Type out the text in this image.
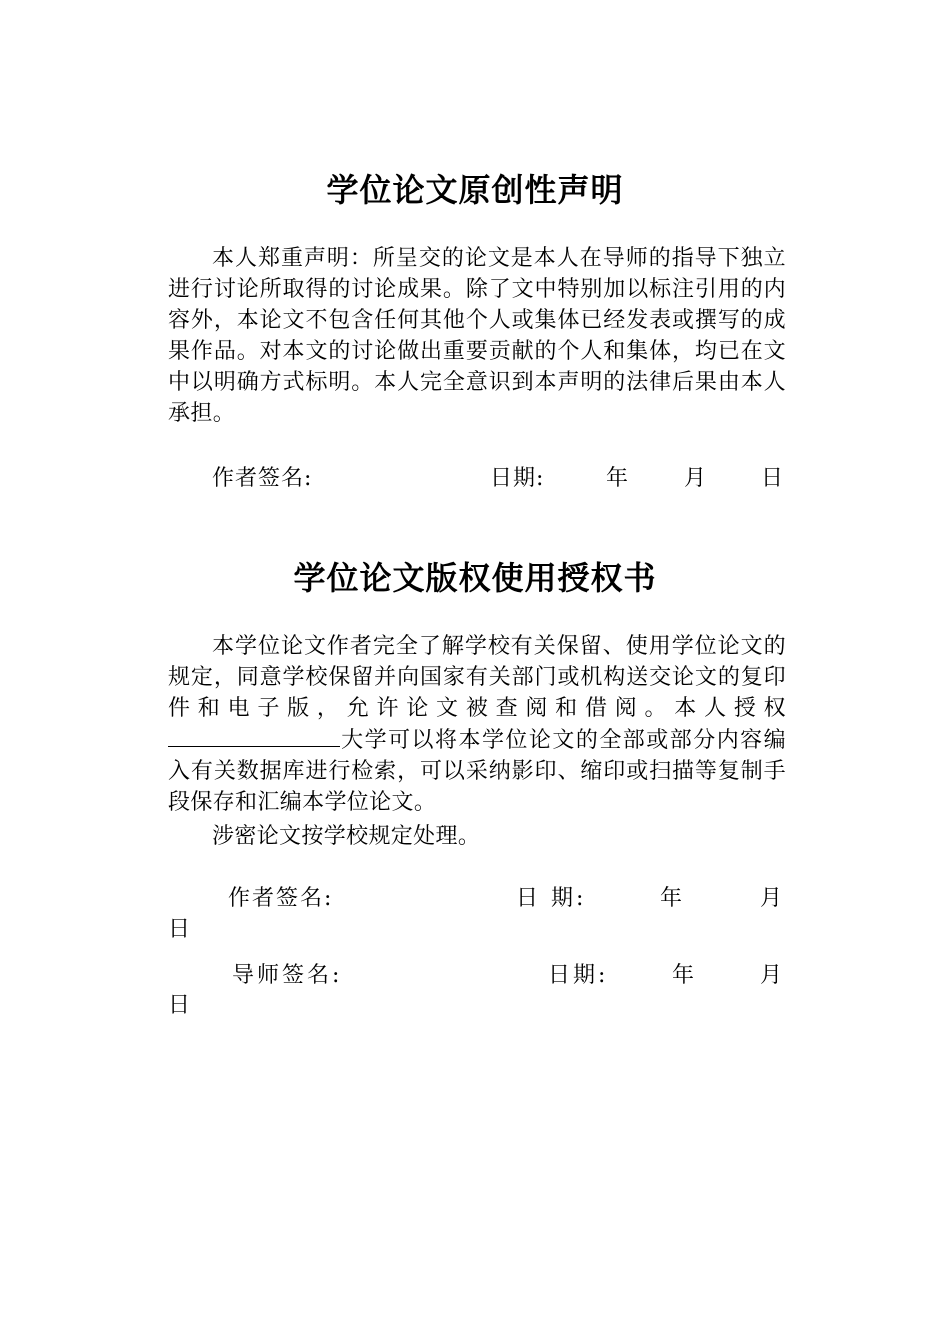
学位论文原创性声明

本人郑重声明：所呈交的论文是本人在导师的指导下独立进行讨论所取得的讨论成果。除了文中特别加以标注引用的内容外，本论文不包含任何其他个人或集体已经发表或撰写的成果作品。对本文的讨论做出重要贡献的个人和集体，均已在文中以明确方式标明。本人完全意识到本声明的法律后果由本人承担。

作者签名:	日期:	年	月 日
学位论文版权使用授权书

本学位论文作者完全了解学校有关保留、使用学位论文的规定，同意学校保留并向国家有关部门或机构送交论文的复印件和电子版，允许论文被查阅和借阅。本人授权大学可以将本学位论文的全部或部分内容编入有关数据库进行检索，可以采纳影印、缩印或扫描等复制手段保存和汇编本学位论文。

涉密论文按学校规定处理。

作者签名:	日 期:	年	月
日
导师签名:	日期:	年	月
日
